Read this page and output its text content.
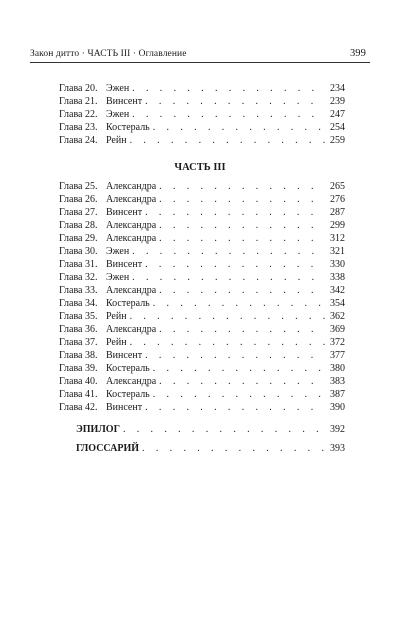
Закон дитто · ЧАСТЬ III · Оглавление	399
Глава 20. Эжен . . .	234
Глава 21. Винсент . . .	239
Глава 22. Эжен . . .	247
Глава 23. Костераль . . .	254
Глава 24. Рейн . . .	259
ЧАСТЬ III
Глава 25. Александра . . .	265
Глава 26. Александра . . .	276
Глава 27. Винсент . . .	287
Глава 28. Александра . . .	299
Глава 29. Александра . . .	312
Глава 30. Эжен . . .	321
Глава 31. Винсент . . .	330
Глава 32. Эжен . . .	338
Глава 33. Александра . . .	342
Глава 34. Костераль . . .	354
Глава 35. Рейн . . .	362
Глава 36. Александра . . .	369
Глава 37. Рейн . . .	372
Глава 38. Винсент . . .	377
Глава 39. Костераль . . .	380
Глава 40. Александра . . .	383
Глава 41. Костераль . . .	387
Глава 42. Винсент . . .	390
ЭПИЛОГ . . .	392
ГЛОССАРИЙ . . .	393
